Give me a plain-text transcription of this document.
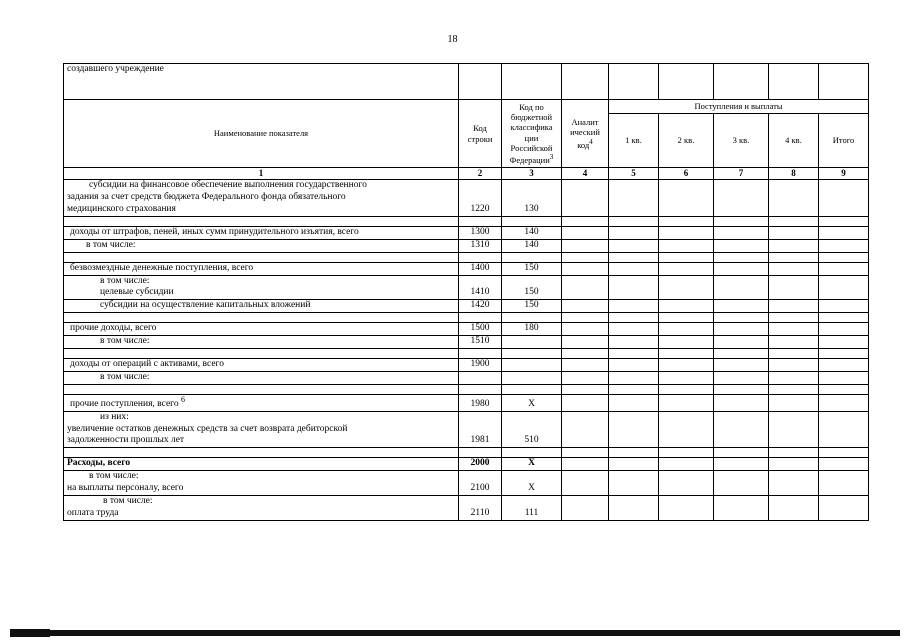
18
создавшего учреждение								
Наименование показателя	Код строки	Код по бюджетной классифика ции Российской Федерации$^3$	Аналит ический код$^4$	Поступления и выплаты				
				1 кв.	2 кв.	3 кв.	4 кв.	Итого
1	2	3	4	5	6	7	8	9

субсидии на финансовое обеспечение выполнения государственного
задания за счет средств бюджета Федерального фонда обязательного
медицинского страхования	1220	130						

доходы от штрафов, пеней, иных сумм принудительного изъятия, всего	1300	140						
в том числе:	1310	140						

безвозмездные денежные поступления, всего	1400	150						

в том числе:
целевые субсидии	1410	150						
субсидии на осуществление капитальных вложений	1420	150						

прочие доходы, всего	1500	180						
в том числе:	1510							

доходы от операций с активами, всего	1900							
в том числе:								

прочие поступления, всего $^6$	1980	X						

из них:
увеличение остатков денежных средств за счет возврата дебиторской
задолженности прошлых лет	1981	510						

Расходы, всего	2000	X						

в том числе:
на выплаты персоналу, всего	2100	X						

в том числе:
оплата труда	2110	111						
